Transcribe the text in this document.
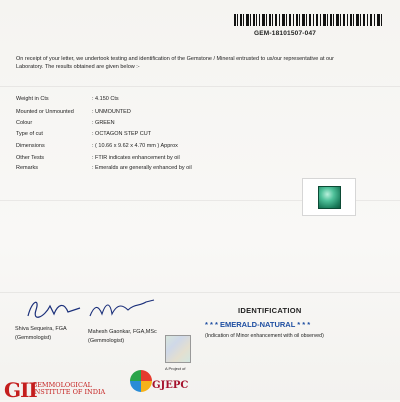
GEM-18101507-047
On receipt of your letter, we undertook testing and identification of the Gemstone / Mineral entrusted to us/our representative at our Laboratory. The results obtained are given below :-
Weight in Cts	: 4.150 Cts
Mounted or Unmounted	: UNMOUNTED
Colour	: GREEN
Type of cut	: OCTAGON STEP CUT
Dimensions	: ( 10.66 x 9.62 x 4.70 mm ) Approx
Other Tests	: FTIR indicates enhancement by oil
Remarks	: Emeralds are generally enhanced by oil
Shiva Sequeira, FGA
(Gemmologist)
Mahesh Gaonkar, FGA,MSc
(Gemmologist)
IDENTIFICATION
* * * EMERALD-NATURAL * * *
(Indication of Minor enhancement with oil observed)
A Project of
GII
GEMMOLOGICAL
INSTITUTE OF INDIA
GJEPC
